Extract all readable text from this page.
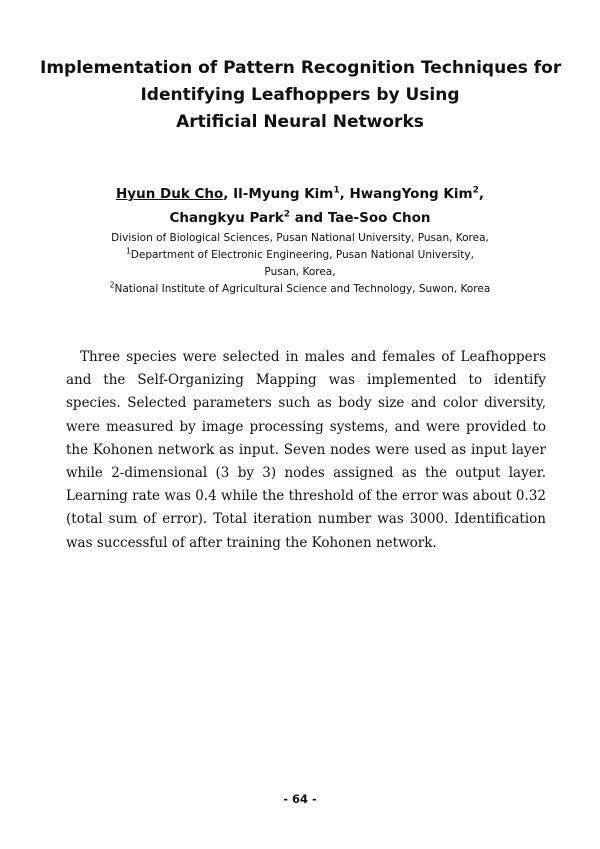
Implementation of Pattern Recognition Techniques for
Identifying Leafhoppers by Using
Artificial Neural Networks
Hyun Duk Cho, Il-Myung Kim$^1$, HwangYong Kim$^2$,
Changkyu Park$^2$ and Tae-Soo Chon
Division of Biological Sciences, Pusan National University, Pusan, Korea,
$^1$Department of Electronic Engineering, Pusan National University,
Pusan, Korea,
$^2$National Institute of Agricultural Science and Technology, Suwon, Korea

Three species were selected in males and females of Leafhoppers and the Self-Organizing Mapping was implemented to identify species. Selected parameters such as body size and color diversity, were measured by image processing systems, and were provided to the Kohonen network as input. Seven nodes were used as input layer while 2-dimensional (3 by 3) nodes assigned as the output layer. Learning rate was 0.4 while the threshold of the error was about 0.32 (total sum of error). Total iteration number was 3000. Identification was successful of after training the Kohonen network.

- 64 -
